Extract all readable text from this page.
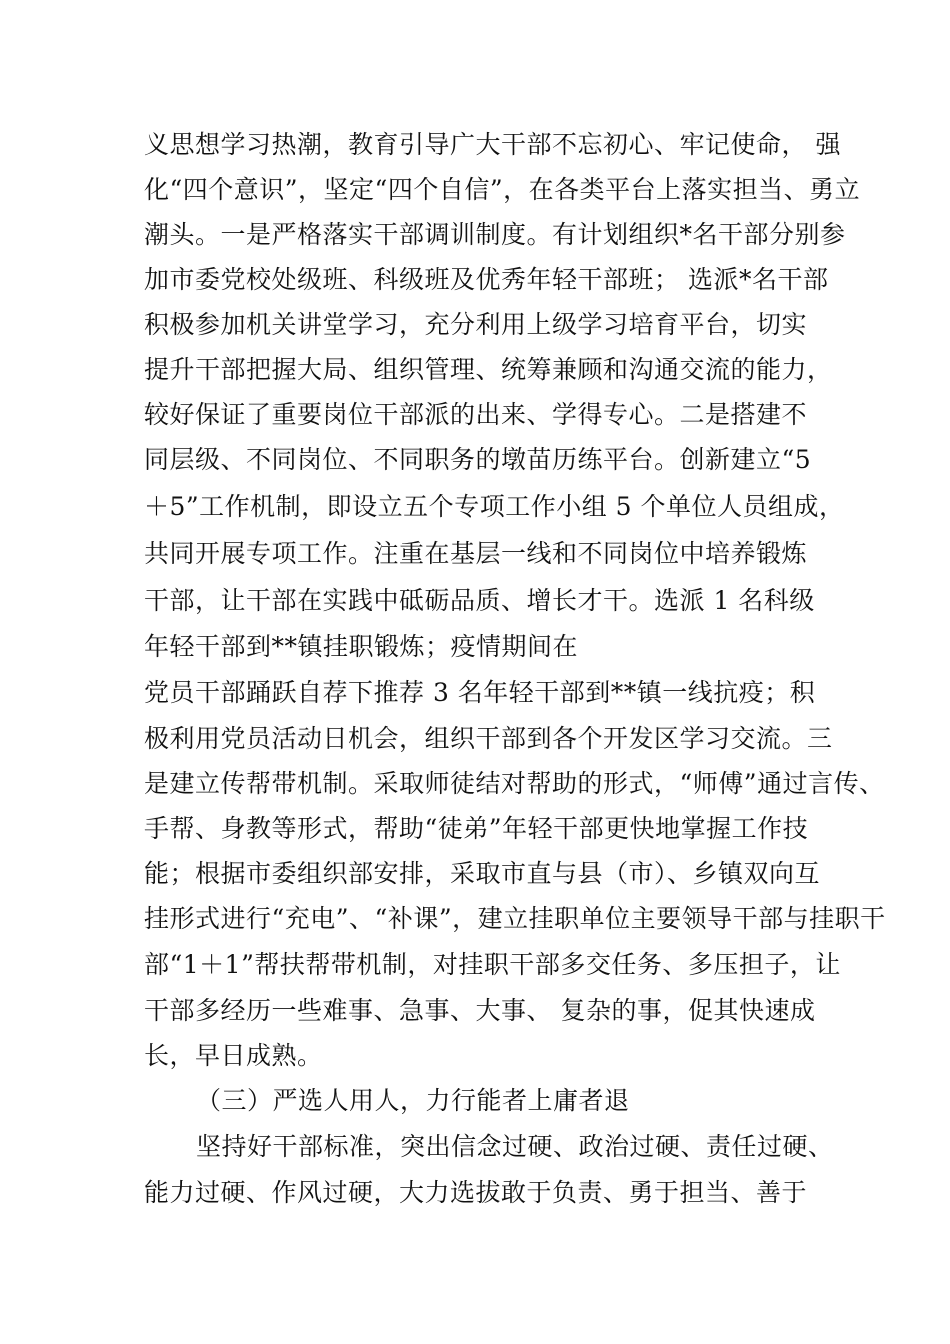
义思想学习热潮，教育引导广大干部不忘初心、牢记使命， 强
化“四个意识”，坚定“四个自信”，在各类平台上落实担当、勇立
潮头。一是严格落实干部调训制度。有计划组织*名干部分别参
加市委党校处级班、科级班及优秀年轻干部班； 选派*名干部
积极参加机关讲堂学习，充分利用上级学习培育平台，切实
提升干部把握大局、组织管理、统筹兼顾和沟通交流的能力，
较好保证了重要岗位干部派的出来、学得专心。二是搭建不
同层级、不同岗位、不同职务的墩苗历练平台。创新建立“5
＋5”工作机制，即设立五个专项工作小组 5 个单位人员组成，
共同开展专项工作。注重在基层一线和不同岗位中培养锻炼
干部，让干部在实践中砥砺品质、增长才干。选派 1 名科级
年轻干部到**镇挂职锻炼；疫情期间在
党员干部踊跃自荐下推荐 3 名年轻干部到**镇一线抗疫；积
极利用党员活动日机会，组织干部到各个开发区学习交流。三
是建立传帮带机制。采取师徒结对帮助的形式，“师傅”通过言传、
手帮、身教等形式，帮助“徒弟”年轻干部更快地掌握工作技
能；根据市委组织部安排，采取市直与县（市）、乡镇双向互
挂形式进行“充电”、“补课”，建立挂职单位主要领导干部与挂职干
部“1＋1”帮扶帮带机制，对挂职干部多交任务、多压担子，让
干部多经历一些难事、急事、大事、 复杂的事，促其快速成
长，早日成熟。
（三）严选人用人，力行能者上庸者退
坚持好干部标准，突出信念过硬、政治过硬、责任过硬、
能力过硬、作风过硬，大力选拔敢于负责、勇于担当、善于
